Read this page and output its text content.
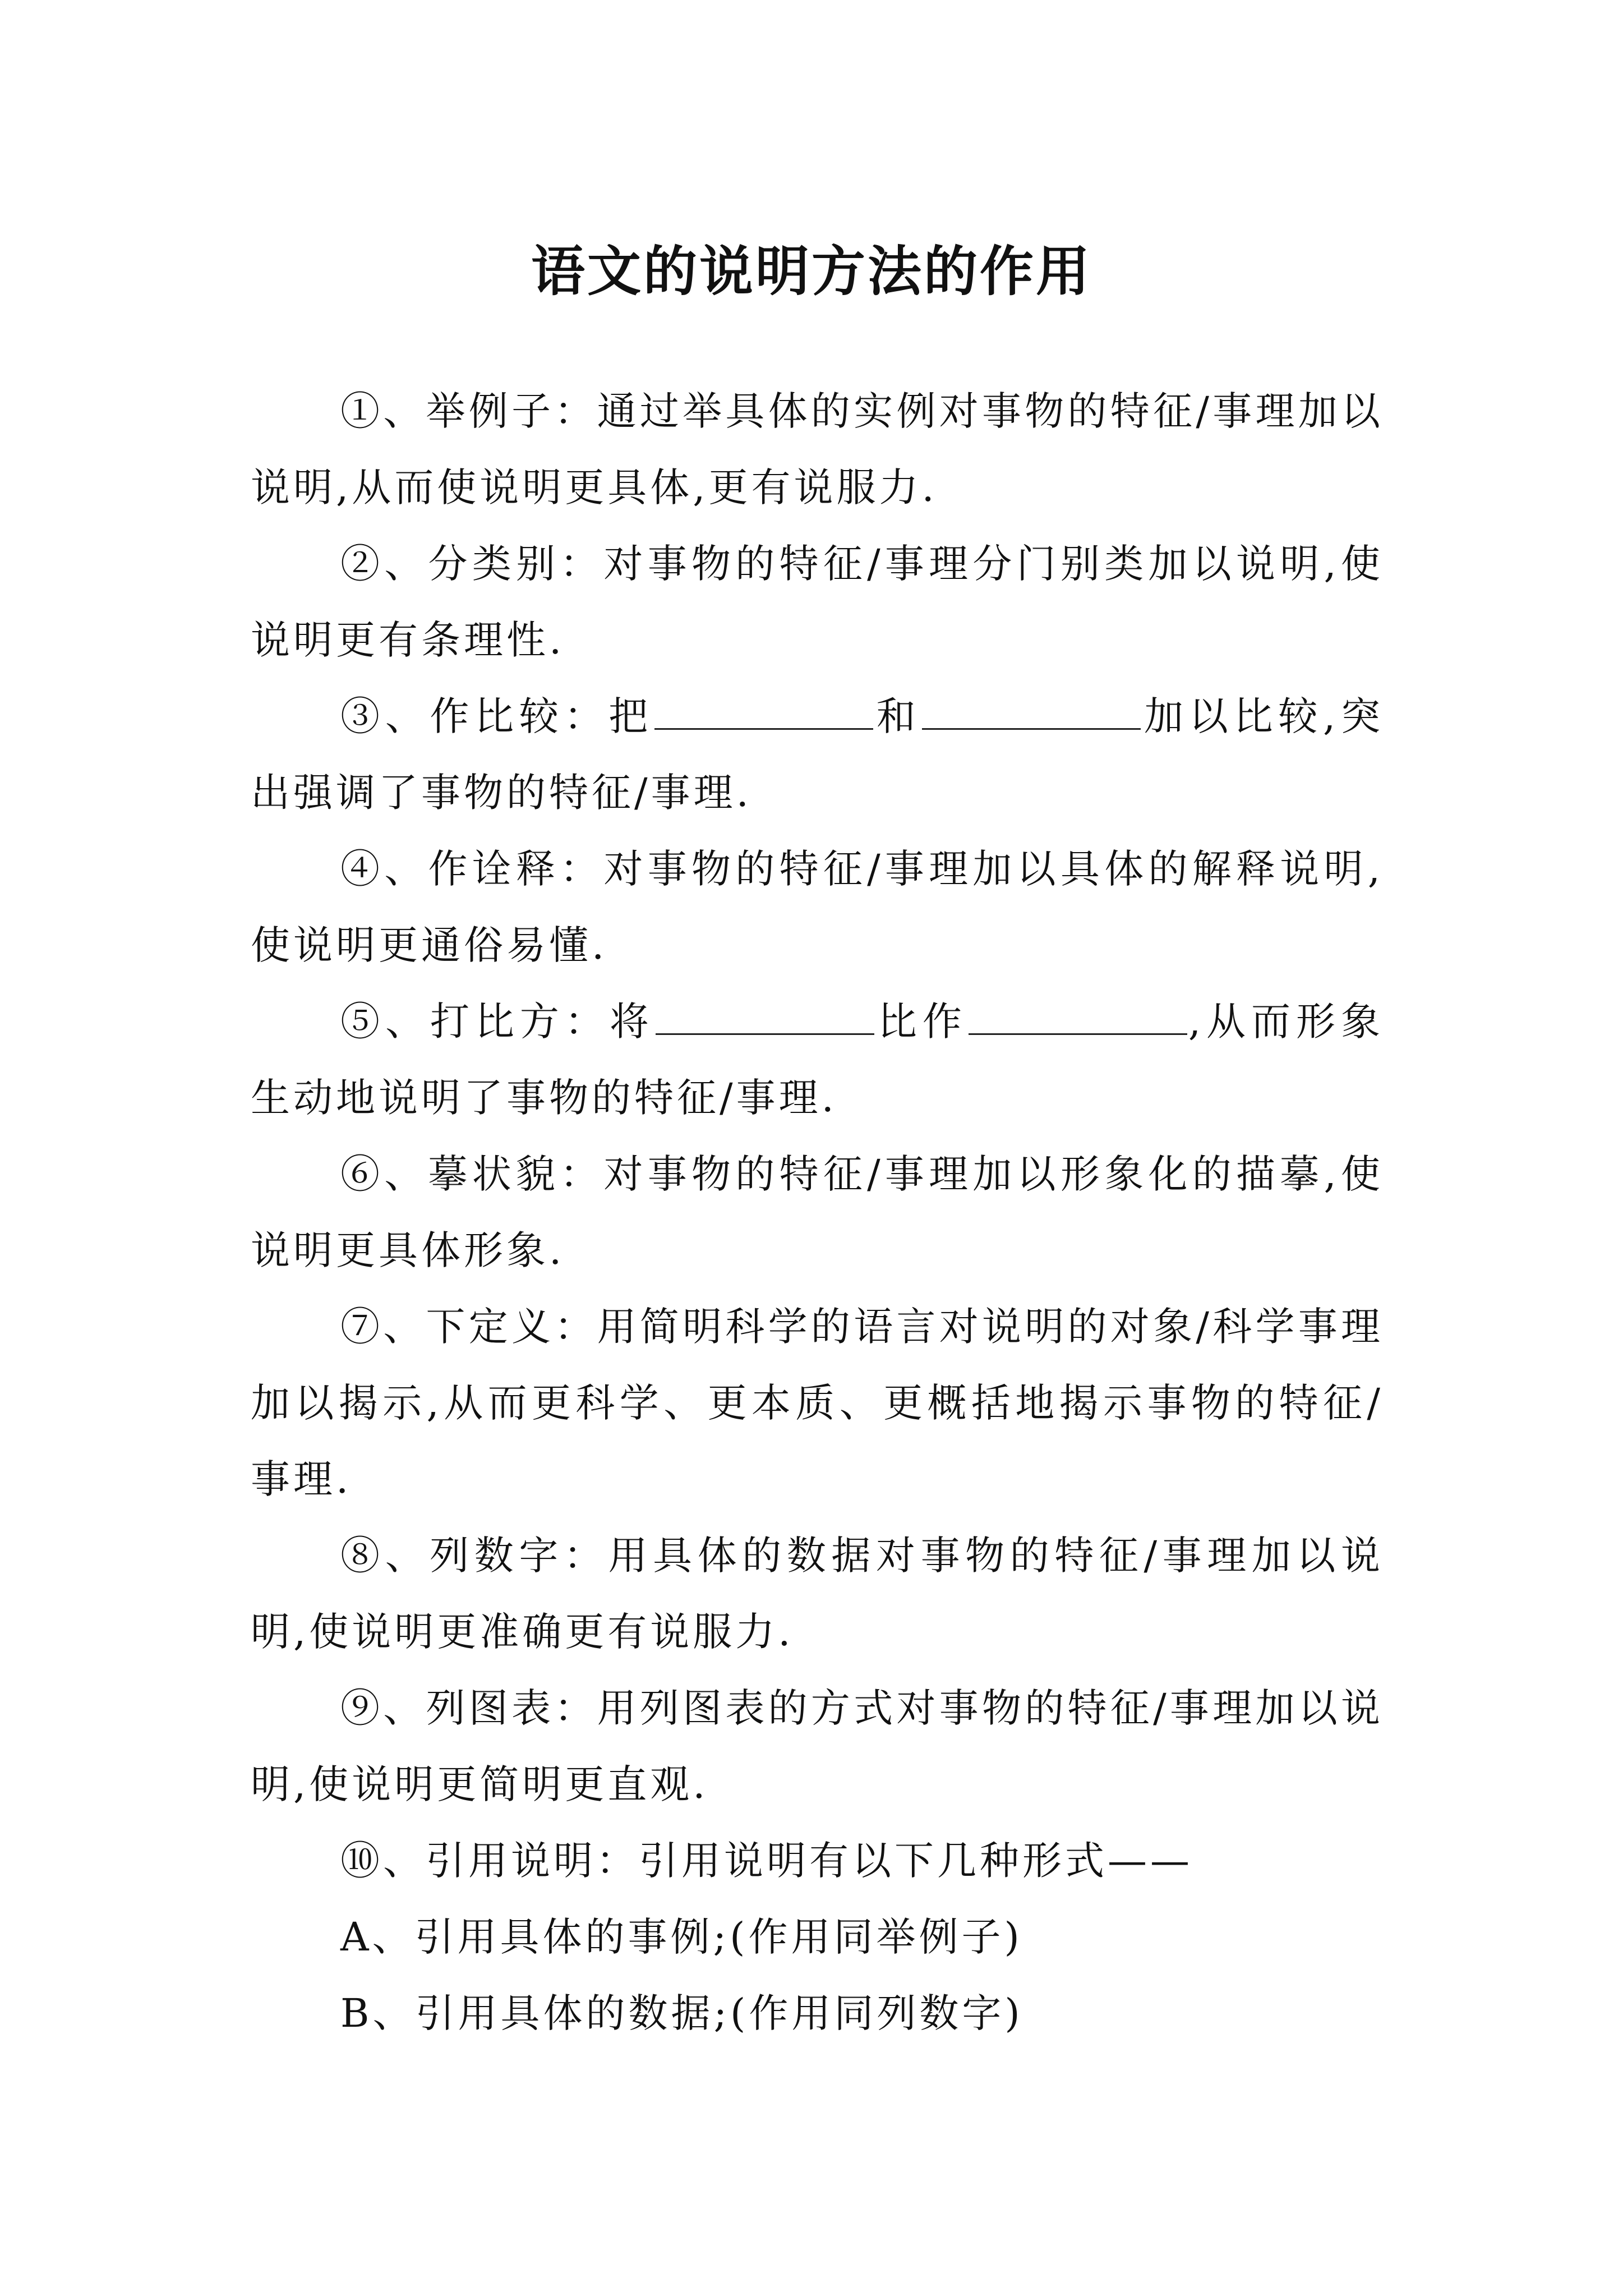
语文的说明方法的作用

①、举例子：通过举具体的实例对事物的特征/事理加以说明,从而使说明更具体,更有说服力.

②、分类别：对事物的特征/事理分门别类加以说明,使说明更有条理性.

③、作比较：把	和	加以比较,突出强调了事物的特征/事理.

④、作诠释：对事物的特征/事理加以具体的解释说明,使说明更通俗易懂.

⑤、打比方：将	比作	,从而形象生动地说明了事物的特征/事理.

⑥、摹状貌：对事物的特征/事理加以形象化的描摹,使说明更具体形象.

⑦、下定义：用简明科学的语言对说明的对象/科学事理加以揭示,从而更科学、更本质、更概括地揭示事物的特征/事理.

⑧、列数字：用具体的数据对事物的特征/事理加以说明,使说明更准确更有说服力.

⑨、列图表：用列图表的方式对事物的特征/事理加以说明,使说明更简明更直观.

⑩、引用说明：引用说明有以下几种形式——

A、引用具体的事例;(作用同举例子)

B、引用具体的数据;(作用同列数字)
